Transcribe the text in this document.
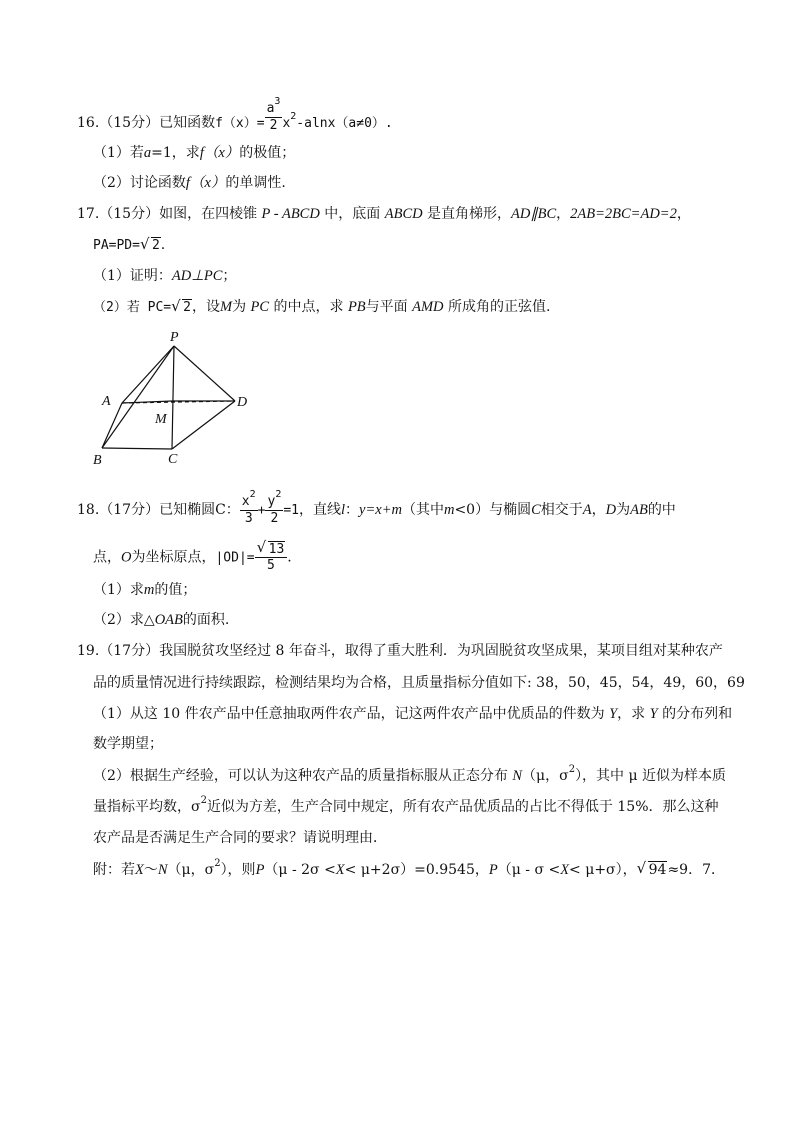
16.（15分）已知函数$f(x)= \frac{a^3}{2} x^2-alnx(a\ne 0)$.
（1）若a=1，求f（x）的极值；
（2）讨论函数f（x）的单调性.
17.（15分）如图，在四棱锥 P - ABCD 中，底面 ABCD 是直角梯形，AD∥BC，2AB=2BC=AD=2，
PA=PD= √ 2.
（1）证明：AD⊥PC；
（2）若 PC= √ 2，设M为 PC 的中点，求 PB与平面 AMD 所成角的正弦值.
P
A	D
M
B	C
18.（17分）已知椭圆C： $\frac{x^2}{3} + \frac{y^2}{2} =1$，直线l：y=x+m（其中m<0）与椭圆C相交于A，D为AB的中
点，O为坐标原点，$|OD|= \frac{√ 13}{5}$ .
（1）求m的值；
（2）求△OAB的面积.
19.（17分）我国脱贫攻坚经过 8 年奋斗，取得了重大胜利．为巩固脱贫攻坚成果，某项目组对某种农产
品的质量情况进行持续跟踪，检测结果均为合格，且质量指标分值如下: 38，50，45，54，49，60，69
（1）从这 10 件农产品中任意抽取两件农产品，记这两件农产品中优质品的件数为 Y，求 Y 的分布列和
数学期望；
（2）根据生产经验，可以认为这种农产品的质量指标服从正态分布 N（μ，$\sigma^2$），其中 μ 近似为样本质
量指标平均数，$\sigma^2$近似为方差，生产合同中规定，所有农产品优质品的占比不得低于 15%．那么这种
农产品是否满足生产合同的要求？请说明理由．
附：若X～N（μ，$\sigma^2$），则P（μ - 2σ <X< μ+2σ）=0.9545，P（μ - σ <X< μ+σ）， √ 94≈9．7．
